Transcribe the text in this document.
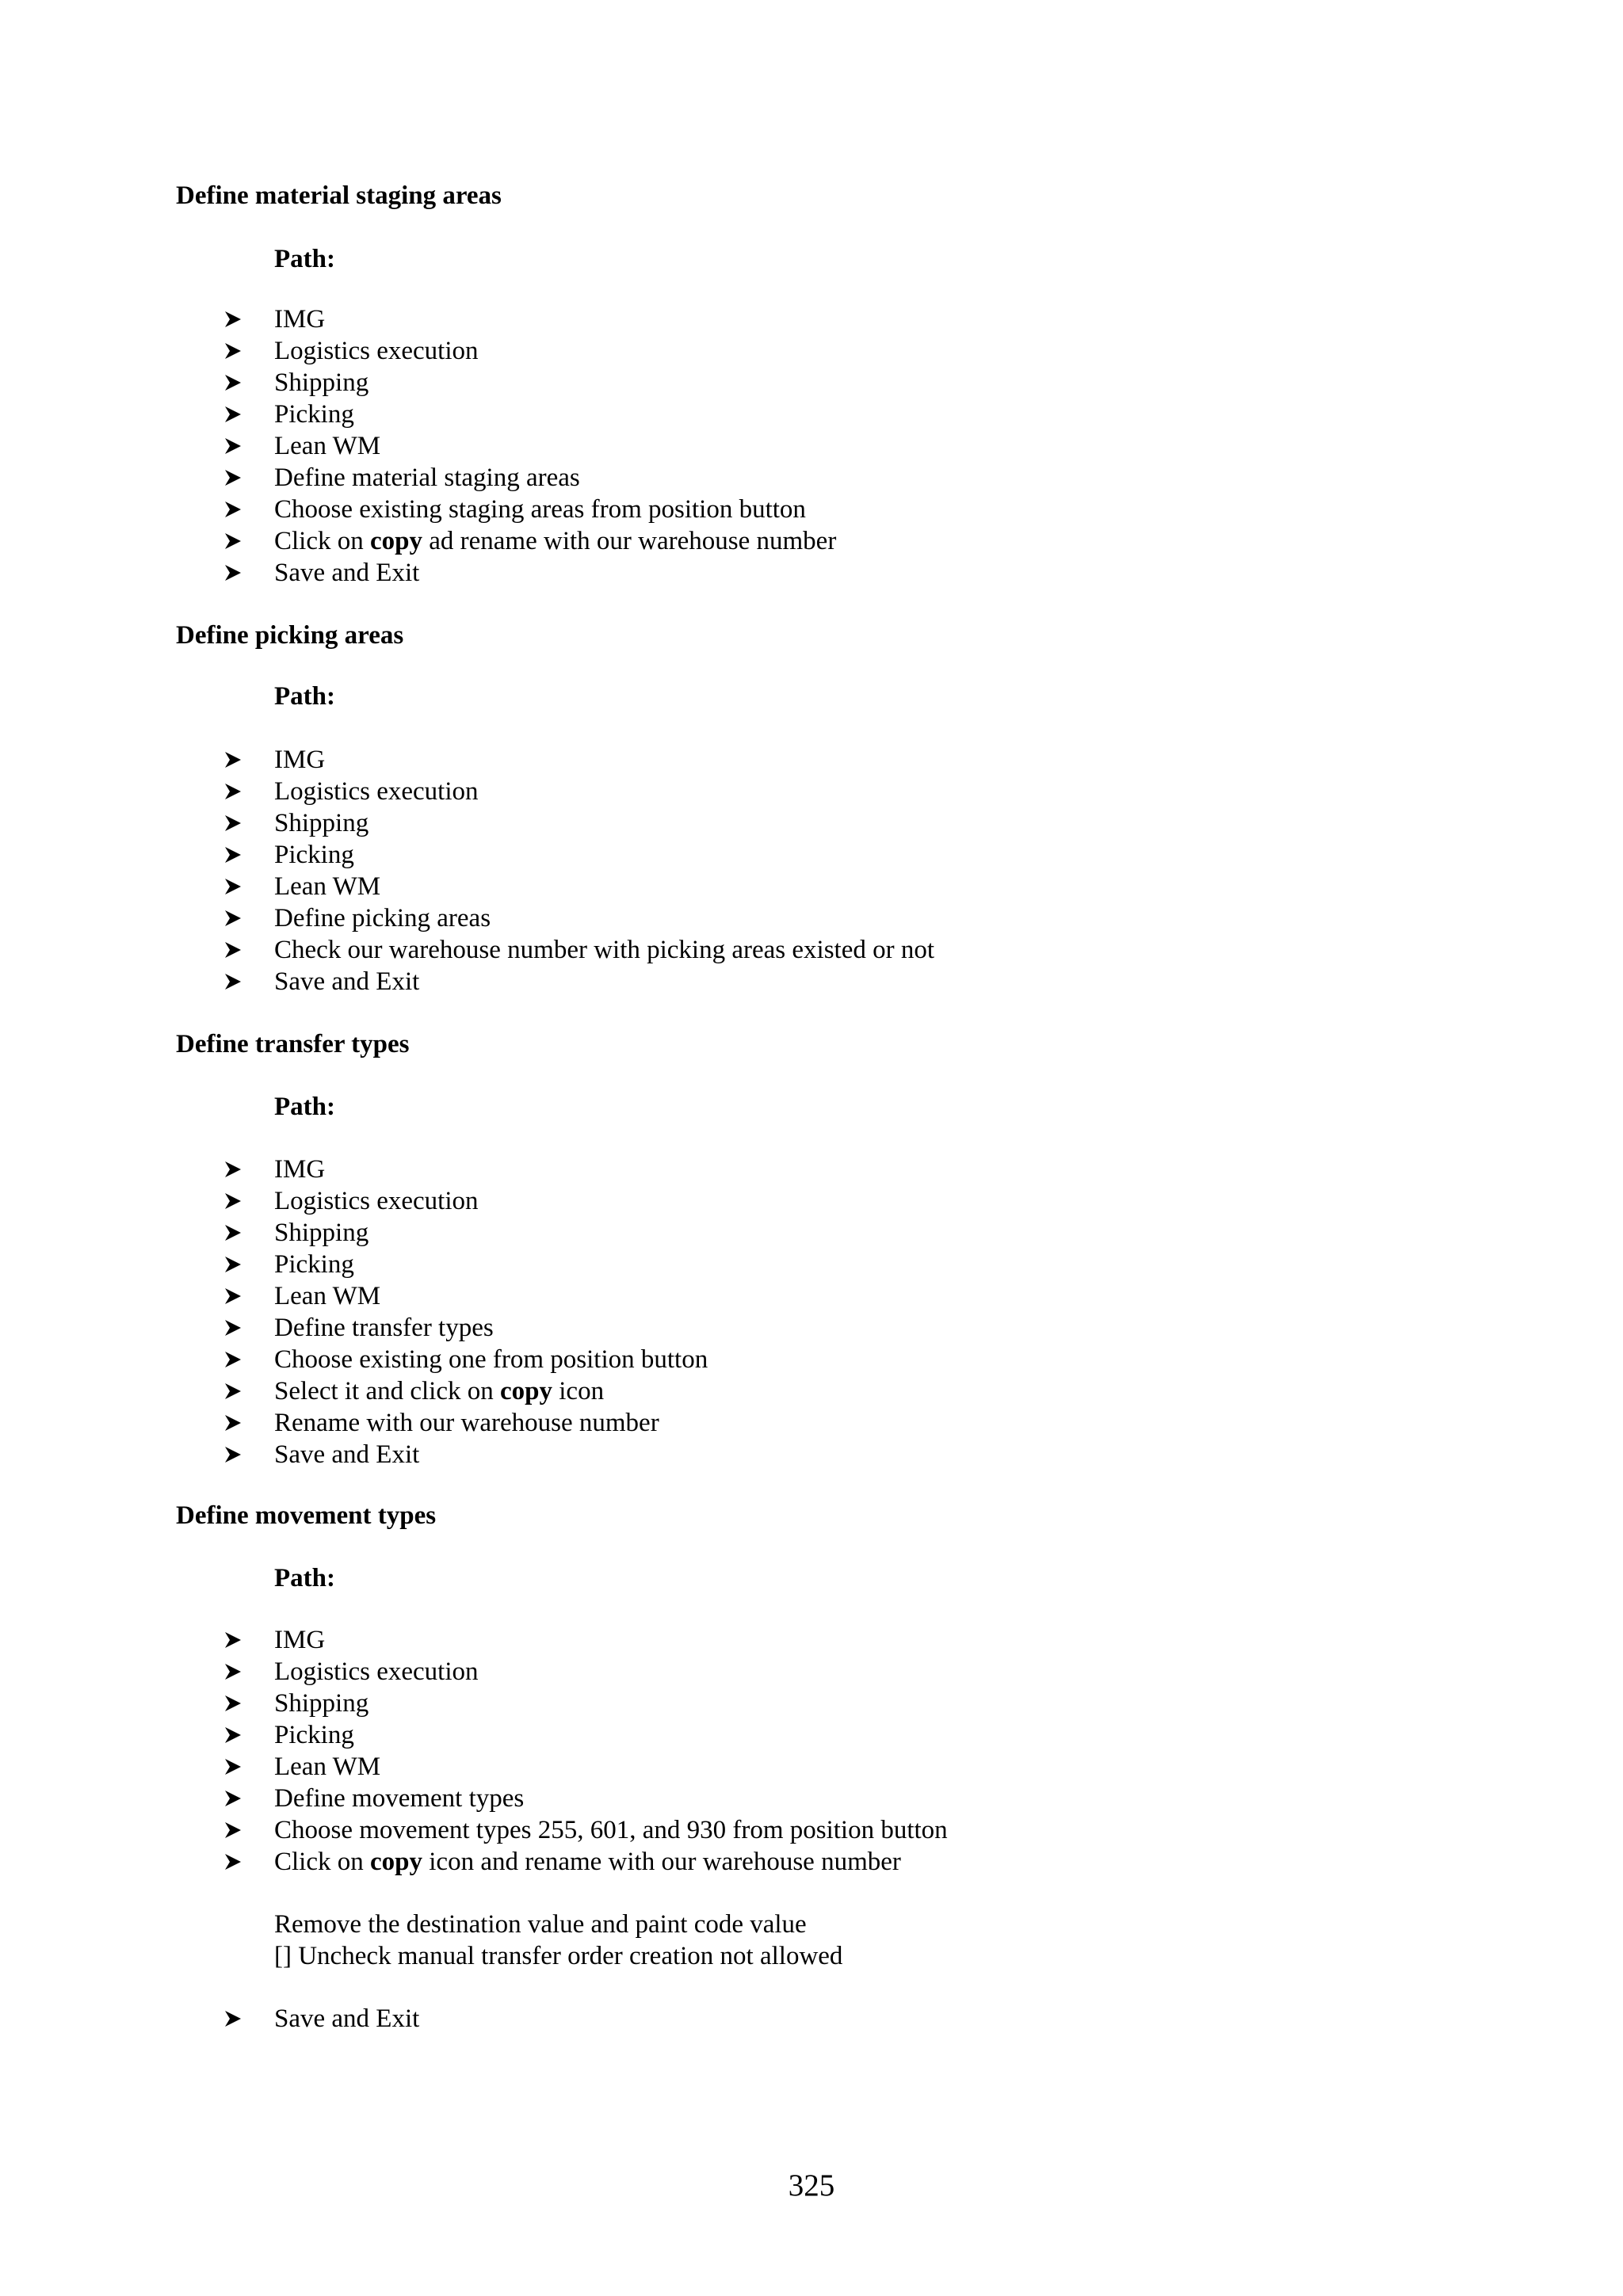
Define material staging areas
Path:
IMG
Logistics execution
Shipping
Picking
Lean WM
Define material staging areas
Choose existing staging areas from position button
Click on copy ad rename with our warehouse number
Save and Exit
Define picking areas
Path:
IMG
Logistics execution
Shipping
Picking
Lean WM
Define picking areas
Check our warehouse number with picking areas existed or not
Save and Exit
Define transfer types
Path:
IMG
Logistics execution
Shipping
Picking
Lean WM
Define transfer types
Choose existing one from position button
Select it and click on copy icon
Rename with our warehouse number
Save and Exit
Define movement types
Path:
IMG
Logistics execution
Shipping
Picking
Lean WM
Define movement types
Choose movement types 255, 601, and 930 from position button
Click on copy icon and rename with our warehouse number
Remove the destination value and paint code value
[] Uncheck manual transfer order creation not allowed
Save and Exit
325
